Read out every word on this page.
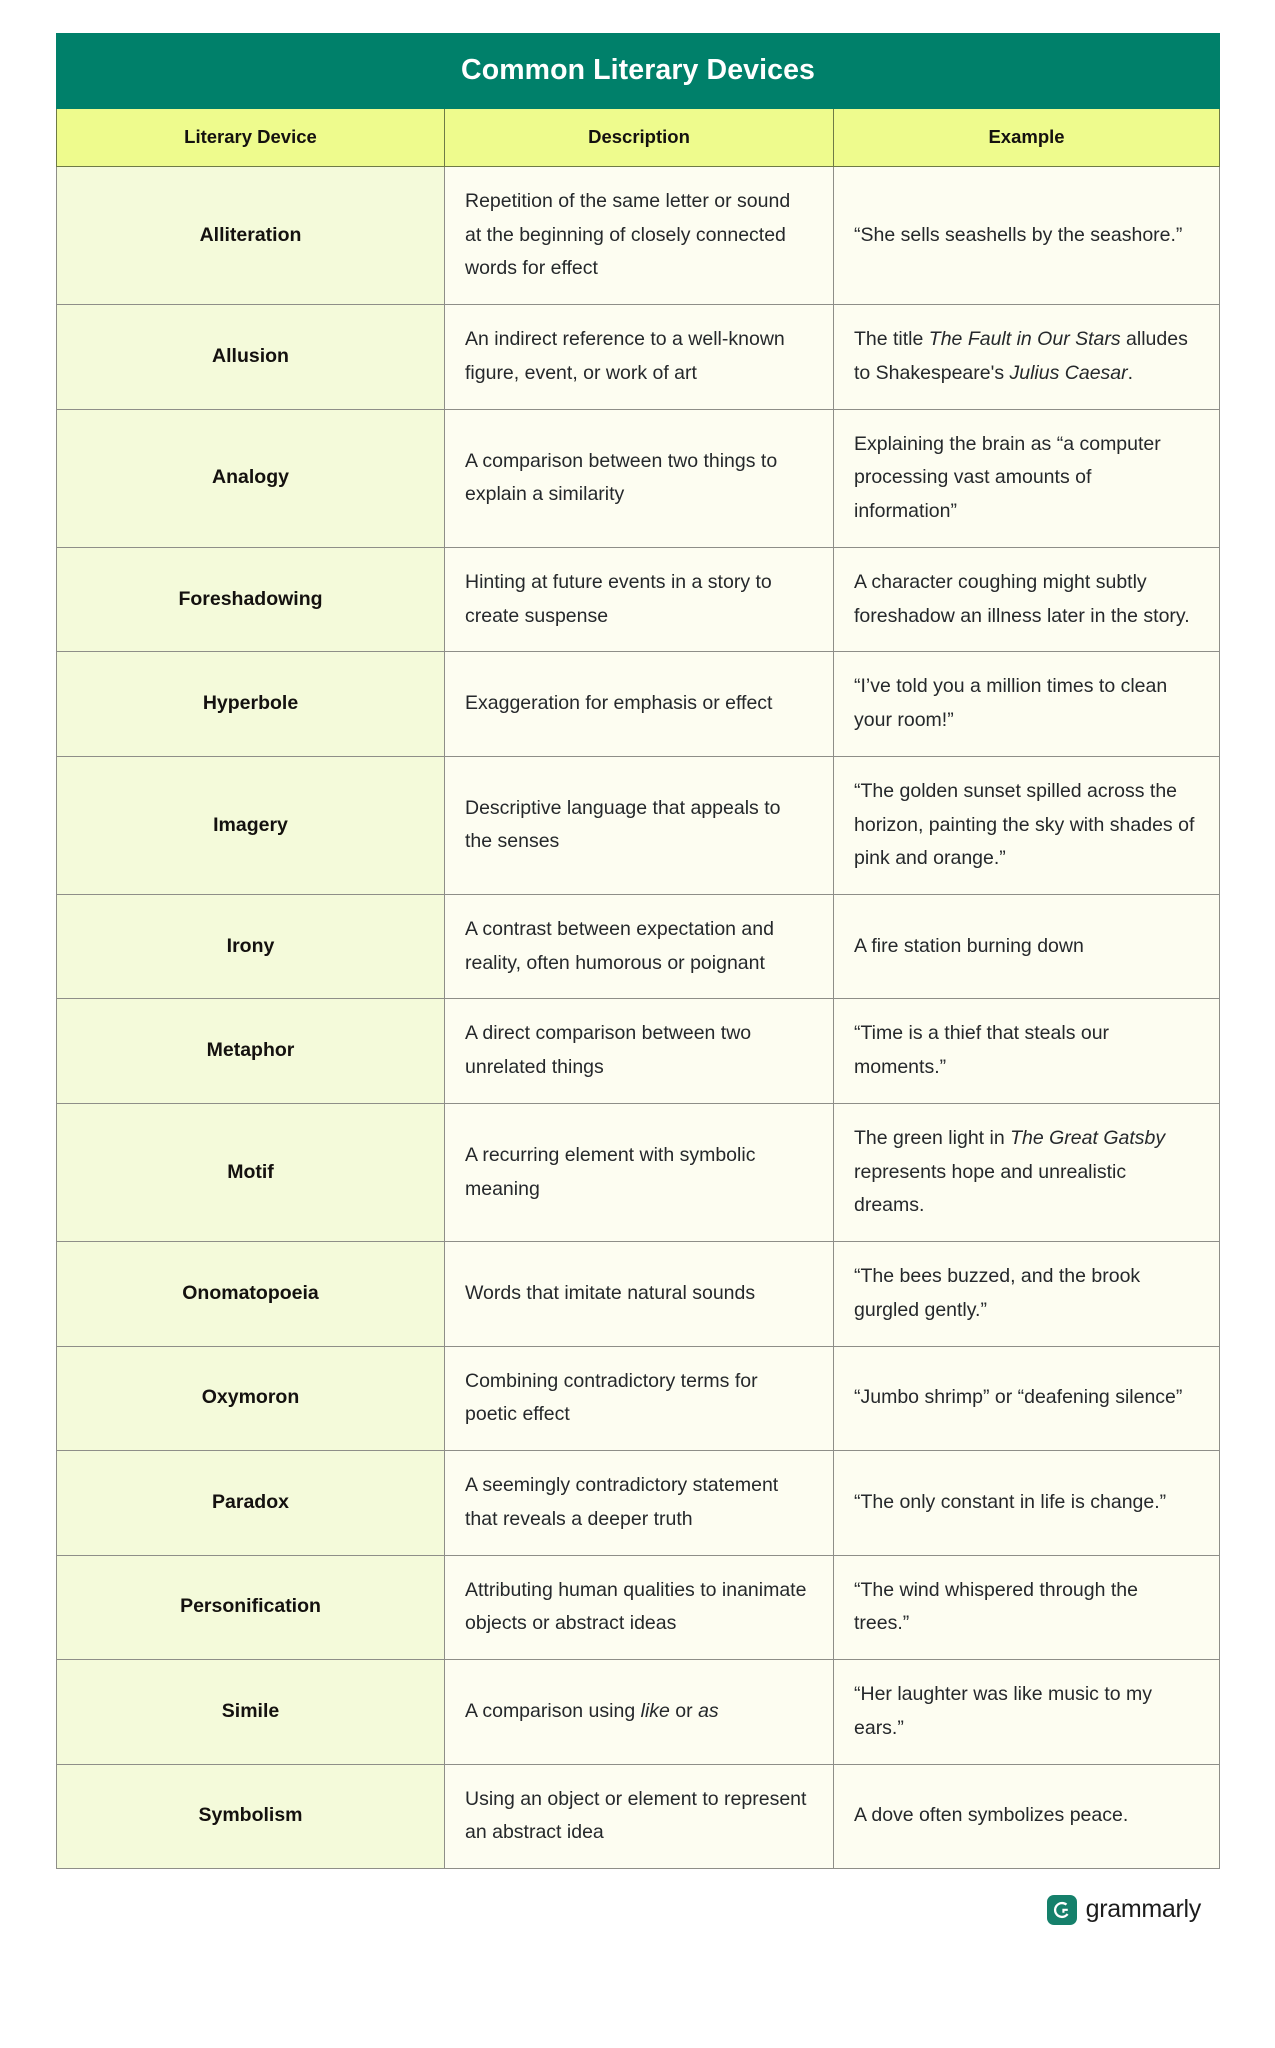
Common Literary Devices		
Literary Device	Description	Example
Alliteration	Repetition of the same letter or sound at the beginning of closely connected words for effect	“She sells seashells by the seashore.”
Allusion	An indirect reference to a well-known figure, event, or work of art	The title The Fault in Our Stars alludes to Shakespeare's Julius Caesar.
Analogy	A comparison between two things to explain a similarity	Explaining the brain as “a computer processing vast amounts of information”
Foreshadowing	Hinting at future events in a story to create suspense	A character coughing might subtly foreshadow an illness later in the story.
Hyperbole	Exaggeration for emphasis or effect	“I’ve told you a million times to clean your room!”
Imagery	Descriptive language that appeals to the senses	“The golden sunset spilled across the horizon, painting the sky with shades of pink and orange.”
Irony	A contrast between expectation and reality, often humorous or poignant	A fire station burning down
Metaphor	A direct comparison between two unrelated things	“Time is a thief that steals our moments.”
Motif	A recurring element with symbolic meaning	The green light in The Great Gatsby represents hope and unrealistic dreams.
Onomatopoeia	Words that imitate natural sounds	“The bees buzzed, and the brook gurgled gently.”
Oxymoron	Combining contradictory terms for poetic effect	“Jumbo shrimp” or “deafening silence”
Paradox	A seemingly contradictory statement that reveals a deeper truth	“The only constant in life is change.”
Personification	Attributing human qualities to inanimate objects or abstract ideas	“The wind whispered through the trees.”
Simile	A comparison using like or as	“Her laughter was like music to my ears.”
Symbolism	Using an object or element to represent an abstract idea	A dove often symbolizes peace.
grammarly
